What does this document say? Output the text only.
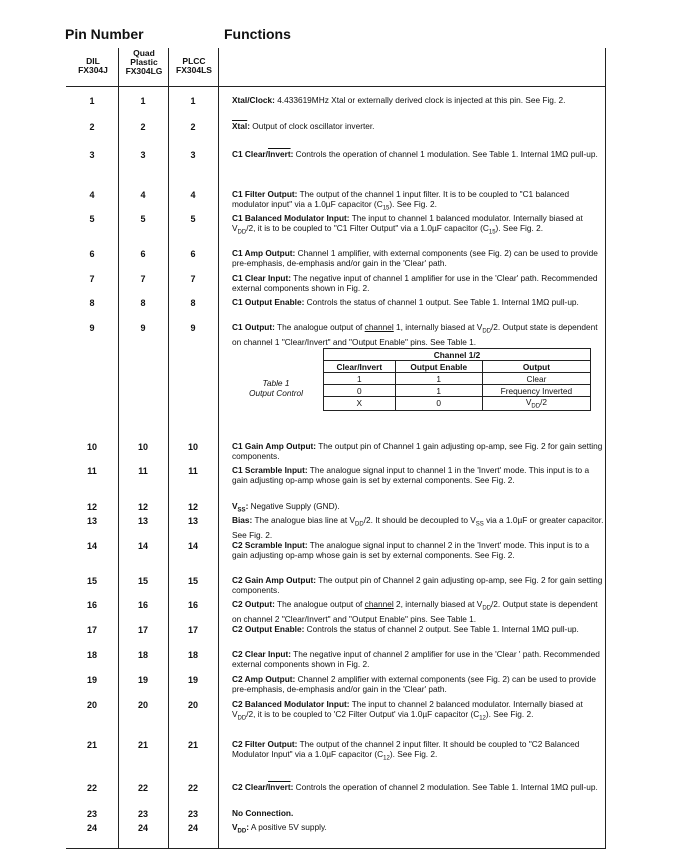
Pin Number	Functions
DIL
FX304J
Quad
Plastic
FX304LG
PLCC
FX304LS
1	1	1	Xtal/Clock: 4.433619MHz Xtal or externally derived clock is injected at this pin. See Fig. 2.
2	2	2	Xtal: Output of clock oscillator inverter.
3	3	3	C1 Clear/Invert: Controls the operation of channel 1 modulation. See Table 1. Internal 1MΩ pull-up.
4	4	4	C1 Filter Output: The output of the channel 1 input filter. It is to be coupled to "C1 balanced modulator input" via a 1.0µF capacitor $(C_{15})$. See Fig. 2.
5	5	5	C1 Balanced Modulator Input: The input to channel 1 balanced modulator. Internally biased at $V_{DD}/2$, it is to be coupled to "C1 Filter Output" via a 1.0µF capacitor $(C_{15})$. See Fig. 2.
6	6	6	C1 Amp Output: Channel 1 amplifier, with external components (see Fig. 2) can be used to provide pre-emphasis, de-emphasis and/or gain in the 'Clear' path.
7	7	7	C1 Clear Input: The negative input of channel 1 amplifier for use in the 'Clear' path. Recommended external components shown in Fig. 2.
8	8	8	C1 Output Enable: Controls the status of channel 1 output. See Table 1. Internal 1MΩ pull-up.
9	9	9	C1 Output: The analogue output of channel 1, internally biased at $V_{DD}/2$. Output state is dependent on channel 1 "Clear/Invert" and "Output Enable" pins. See Table 1.
10	10	10	C1 Gain Amp Output: The output pin of Channel 1 gain adjusting op-amp, see Fig. 2 for gain setting components.
11	11	11	C1 Scramble Input: The analogue signal input to channel 1 in the 'Invert' mode. This input is to a gain adjusting op-amp whose gain is set by external components. See Fig. 2.
12	12	12	$V_{SS}$: Negative Supply (GND).
13	13	13	Bias: The analogue bias line at $V_{DD}/2$. It should be decoupled to $V_{SS}$ via a 1.0µF or greater capacitor. See Fig. 2.
14	14	14	C2 Scramble Input: The analogue signal input to channel 2 in the 'Invert' mode. This input is to a gain adjusting op-amp whose gain is set by external components. See Fig. 2.
15	15	15	C2 Gain Amp Output: The output pin of Channel 2 gain adjusting op-amp, see Fig. 2 for gain setting components.
16	16	16	C2 Output: The analogue output of channel 2, internally biased at $V_{DD}/2$. Output state is dependent on channel 2 "Clear/Invert" and "Output Enable" pins. See Table 1.
17	17	17	C2 Output Enable: Controls the status of channel 2 output. See Table 1. Internal 1MΩ pull-up.
18	18	18	C2 Clear Input: The negative input of channel 2 amplifier for use in the 'Clear ' path. Recommended external components shown in Fig. 2.
19	19	19	C2 Amp Output: Channel 2 amplifier with external components (see Fig. 2) can be used to provide pre-emphasis, de-emphasis and/or gain in the 'Clear' path.
20	20	20	C2 Balanced Modulator Input: The input to channel 2 balanced modulator. Internally biased at $V_{DD}/2$, it is to be coupled to 'C2 Filter Output' via 1.0µF capacitor $(C_{12})$. See Fig. 2.
21	21	21	C2 Filter Output: The output of the channel 2 input filter. It should be coupled to "C2 Balanced Modulator Input" via a 1.0µF capacitor $(C_{12})$. See Fig. 2.
22	22	22	C2 Clear/Invert: Controls the operation of channel 2 modulation. See Table 1. Internal 1MΩ pull-up.
23	23	23	No Connection.
24	24	24	$V_{DD}$: A positive 5V supply.
Table 1
Output Control
Channel 1/2		
Clear/Invert	Output Enable	Output
1	1	Clear
0	1	Frequency Inverted
X	0	$V_{DD}/2$
